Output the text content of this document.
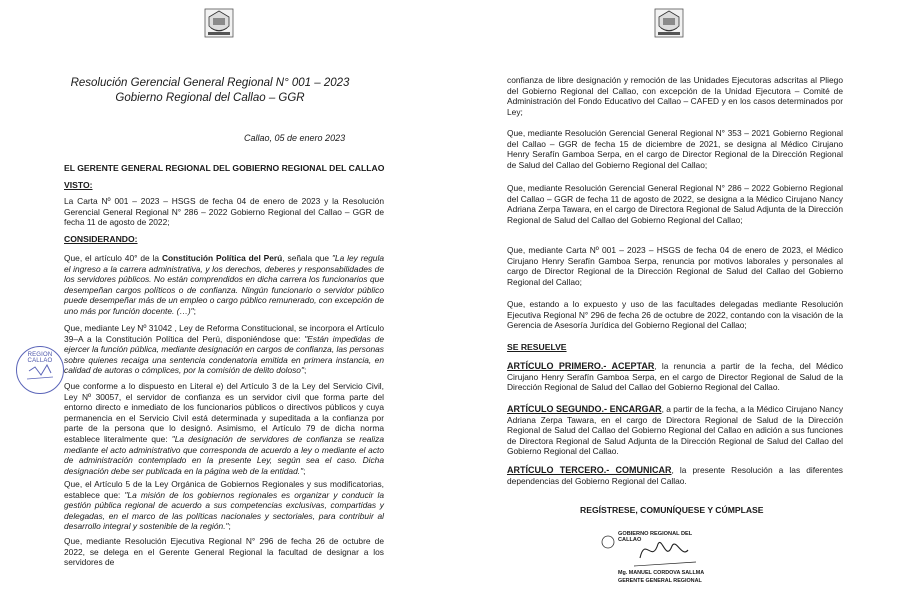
Resolución Gerencial General Regional N° 001 – 2023

Gobierno Regional del Callao – GGR

Callao, 05 de enero 2023

EL GERENTE GENERAL REGIONAL DEL GOBIERNO REGIONAL DEL CALLAO

VISTO:

La Carta Nº 001 – 2023 – HSGS de fecha 04 de enero de 2023 y la Resolución Gerencial General Regional N° 286 – 2022 Gobierno Regional del Callao – GGR de fecha 11 de agosto de 2022;

CONSIDERANDO:

Que, el artículo 40° de la Constitución Política del Perú, señala que "La ley regula el ingreso a la carrera administrativa, y los derechos, deberes y responsabilidades de los servidores públicos. No están comprendidos en dicha carrera los funcionarios que desempeñan cargos políticos o de confianza. Ningún funcionario o servidor público puede desempeñar más de un empleo o cargo público remunerado, con excepción de uno más por función docente. (…)";

Que, mediante Ley Nº 31042 , Ley de Reforma Constitucional, se incorpora el Artículo 39–A a la Constitución Política del Perú, disponiéndose que: "Están impedidas de ejercer la función pública, mediante designación en cargos de confianza, las personas sobre quienes recaiga una sentencia condenatoria emitida en primera instancia, en calidad de autoras o cómplices, por la comisión de delito doloso";

Que conforme a lo dispuesto en Literal e) del Artículo 3 de la Ley del Servicio Civil, Ley Nº 30057, el servidor de confianza es un servidor civil que forma parte del entorno directo e inmediato de los funcionarios públicos o directivos públicos y cuya permanencia en el Servicio Civil está determinada y supeditada a la confianza por parte de la persona que lo designó. Asimismo, el Artículo 79 de dicha norma establece literalmente que: "La designación de servidores de confianza se realiza mediante el acto administrativo que corresponda de acuerdo a ley o mediante el acto de administración contemplado en la presente Ley, según sea el caso. Dicha designación debe ser publicada en la página web de la entidad.";

Que, el Artículo 5 de la Ley Orgánica de Gobiernos Regionales y sus modificatorias, establece que: "La misión de los gobiernos regionales es organizar y conducir la gestión pública regional de acuerdo a sus competencias exclusivas, compartidas y delegadas, en el marco de las políticas nacionales y sectoriales, para contribuir al desarrollo integral y sostenible de la región.";

Que, mediante Resolución Ejecutiva Regional N° 296 de fecha 26 de octubre de 2022, se delega en el Gerente General Regional la facultad de designar a los servidores de

REGION CALLAO

confianza de libre designación y remoción de las Unidades Ejecutoras adscritas al Pliego del Gobierno Regional del Callao, con excepción de la Unidad Ejecutora – Comité de Administración del Fondo Educativo del Callao – CAFED y en los casos determinados por Ley;

Que, mediante Resolución Gerencial General Regional N° 353 – 2021 Gobierno Regional del Callao – GGR de fecha 15 de diciembre de 2021, se designa al Médico Cirujano Henry Serafín Gamboa Serpa, en el cargo de Director Regional de la Dirección Regional de Salud del Callao del Gobierno Regional del Callao;

Que, mediante Resolución Gerencial General Regional N° 286 – 2022 Gobierno Regional del Callao – GGR de fecha 11 de agosto de 2022, se designa a la Médico Cirujano Nancy Adriana Zerpa Tawara, en el cargo de Directora Regional de Salud Adjunta de la Dirección Regional de Salud del Callao del Gobierno Regional del Callao;

Que, mediante Carta Nº 001 – 2023 – HSGS de fecha 04 de enero de 2023, el Médico Cirujano Henry Serafín Gamboa Serpa, renuncia por motivos laborales y personales al cargo de Director Regional de la Dirección Regional de Salud del Callao del Gobierno Regional del Callao;

Que, estando a lo expuesto y uso de las facultades delegadas mediante Resolución Ejecutiva Regional N° 296 de fecha 26 de octubre de 2022, contando con la visación de la Gerencia de Asesoría Jurídica del Gobierno Regional del Callao;

SE RESUELVE

ARTÍCULO PRIMERO.- ACEPTAR, la renuncia a partir de la fecha, del Médico Cirujano Henry Serafín Gamboa Serpa, en el cargo de Director Regional de Salud de la Dirección Regional de Salud del Callao del Gobierno Regional del Callao.

ARTÍCULO SEGUNDO.- ENCARGAR, a partir de la fecha, a la Médico Cirujano Nancy Adriana Zerpa Tawara, en el cargo de Directora Regional de Salud de la Dirección Regional de Salud del Callao del Gobierno Regional del Callao en adición a sus funciones de Directora Regional de Salud Adjunta de la Dirección Regional de Salud del Callao del Gobierno Regional del Callao.

ARTÍCULO TERCERO.- COMUNICAR, la presente Resolución a las diferentes dependencias del Gobierno Regional del Callao.

REGÍSTRESE, COMUNÍQUESE Y CÚMPLASE

GOBIERNO REGIONAL DEL CALLAO
Mg. MANUEL CORDOVA SALLMA
GERENTE GENERAL REGIONAL
